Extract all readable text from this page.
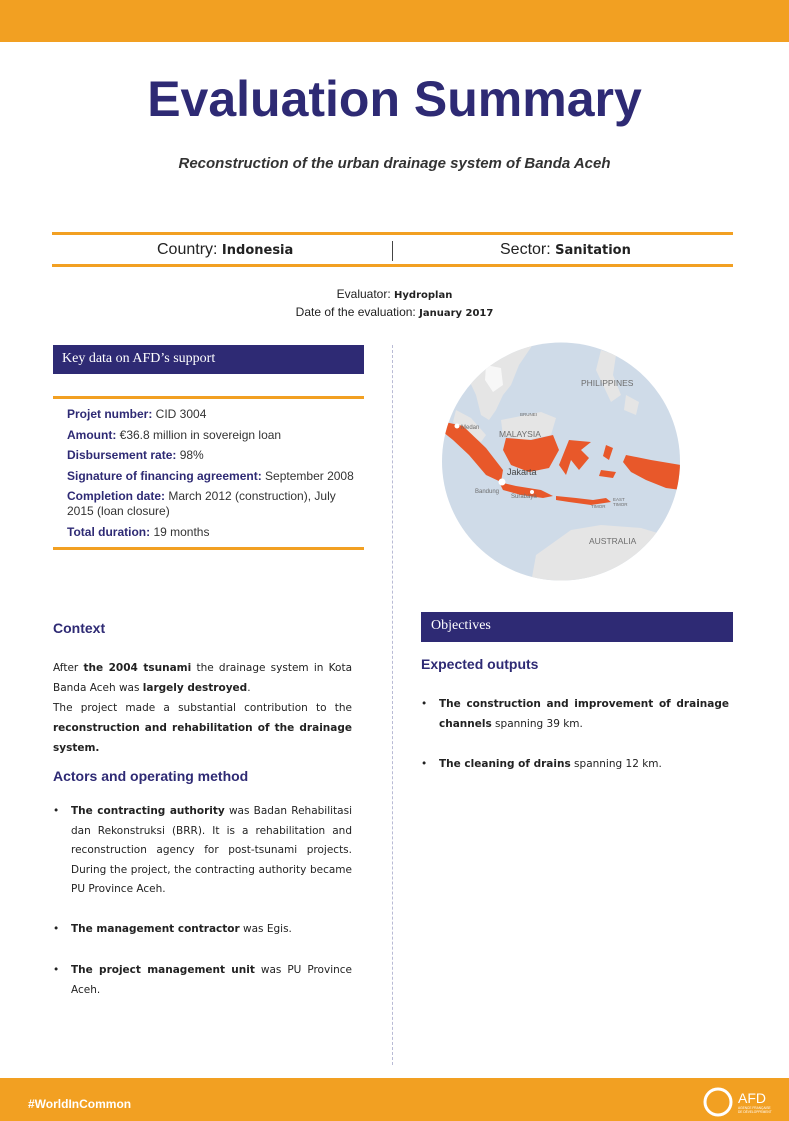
Evaluation Summary
Reconstruction of the urban drainage system of Banda Aceh
Country: Indonesia	Sector: Sanitation
Evaluator: Hydroplan
Date of the evaluation: January 2017
Key data on AFD’s support
Projet number: CID 3004
Amount: €36.8 million in sovereign loan
Disbursement rate: 98%
Signature of financing agreement: September 2008
Completion date: March 2012 (construction), July 2015 (loan closure)
Total duration: 19 months
PHILIPPINES
BRUNEI
MALAYSIA
Medan
Jakarta
Bandung
Surabaya	EAST
TIMOR
TIMOR
AUSTRALIA
Context
After the 2004 tsunami the drainage system in Kota Banda Aceh was largely destroyed.
The project made a substantial contribution to the reconstruction and rehabilitation of the drainage system.
Actors and operating method
• The contracting authority was Badan Rehabilitasi dan Rekonstruksi (BRR). It is a rehabilitation and reconstruction agency for post-tsunami projects. During the project, the contracting authority became PU Province Aceh.
• The management contractor was Egis.
• The project management unit was PU Province Aceh.
Objectives
Expected outputs
• The construction and improvement of drainage channels spanning 39 km.
• The cleaning of drains spanning 12 km.
#WorldInCommon	AFD
AGENCE FRANÇAISE
DE DÉVELOPPEMENT
